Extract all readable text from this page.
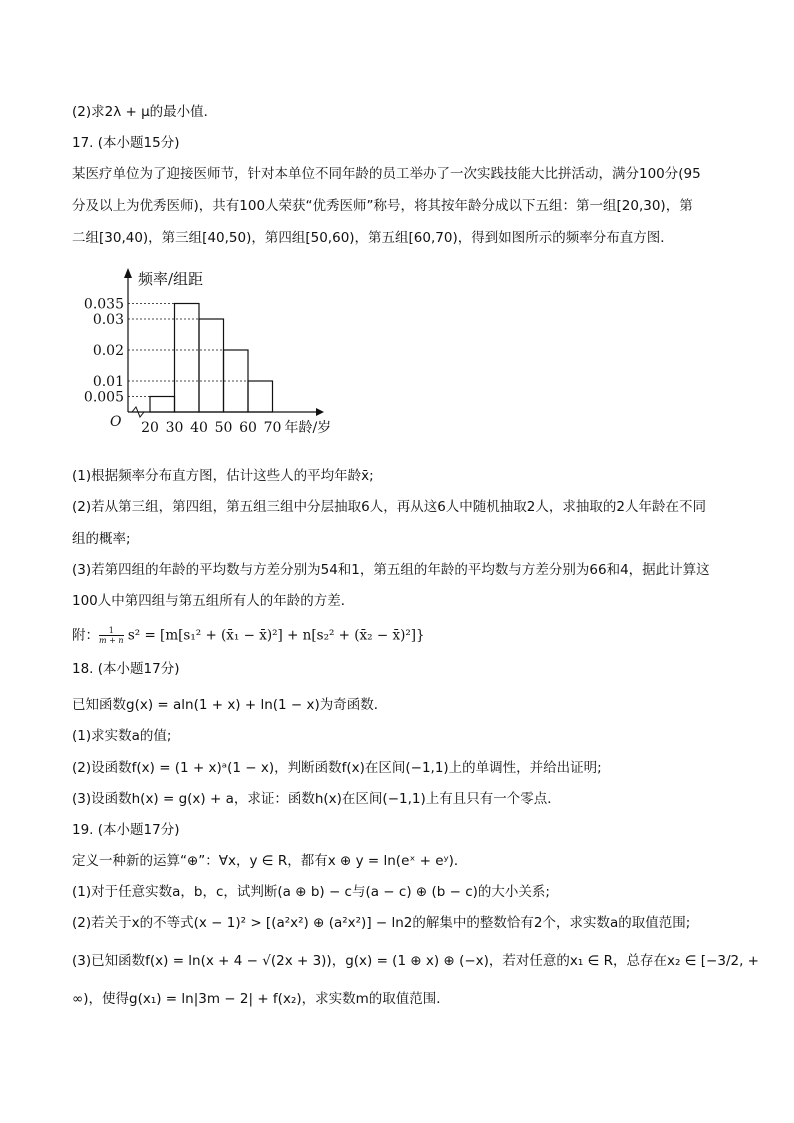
(2)求2λ + μ的最小值．
17. (本小题15分)
某医疗单位为了迎接医师节，针对本单位不同年龄的员工举办了一次实践技能大比拼活动，满分100分(95
分及以上为优秀医师)，共有100人荣获“优秀医师”称号，将其按年龄分成以下五组：第一组[20,30)，第
二组[30,40)，第三组[40,50)，第四组[50,60)，第五组[60,70)，得到如图所示的频率分布直方图．
0.005
0.01
0.02
0.03
0.035
20 30 40 50 60 70 年龄/岁
频率/组距
O
(1)根据频率分布直方图，估计这些人的平均年龄x̄;
(2)若从第三组，第四组，第五组三组中分层抽取6人，再从这6人中随机抽取2人，求抽取的2人年龄在不同
组的概率;
(3)若第四组的年龄的平均数与方差分别为54和1，第五组的年龄的平均数与方差分别为66和4，据此计算这
100人中第四组与第五组所有人的年龄的方差．
附： $\frac{1}{m + n} s^2 = [m[s_1^2$ + (x̄₁ − x̄)²] + n[s₂² + (x̄₂ − x̄)²]}
18. (本小题17分)
已知函数g(x) = aln(1 + x) + ln(1 − x)为奇函数．
(1)求实数a的值;
(2)设函数f(x) = (1 + x)ᵃ(1 − x)，判断函数f(x)在区间(−1,1)上的单调性，并给出证明;
(3)设函数h(x) = g(x) + a，求证：函数h(x)在区间(−1,1)上有且只有一个零点．
19. (本小题17分)
定义一种新的运算“⊕”：∀x，y ∈ R，都有x ⊕ y = ln(eˣ + eʸ)．
(1)对于任意实数a，b，c，试判断(a ⊕ b) − c与(a − c) ⊕ (b − c)的大小关系;
(2)若关于x的不等式(x − 1)² > [(a²x²) ⊕ (a²x²)] − ln2的解集中的整数恰有2个，求实数a的取值范围;
(3)已知函数f(x) = ln(x + 4 − √(2x + 3))，g(x) = (1 ⊕ x) ⊕ (−x)，若对任意的x₁ ∈ R，总存在x₂ ∈ [−3/2, +
∞)，使得g(x₁) = ln|3m − 2| + f(x₂)，求实数m的取值范围．
